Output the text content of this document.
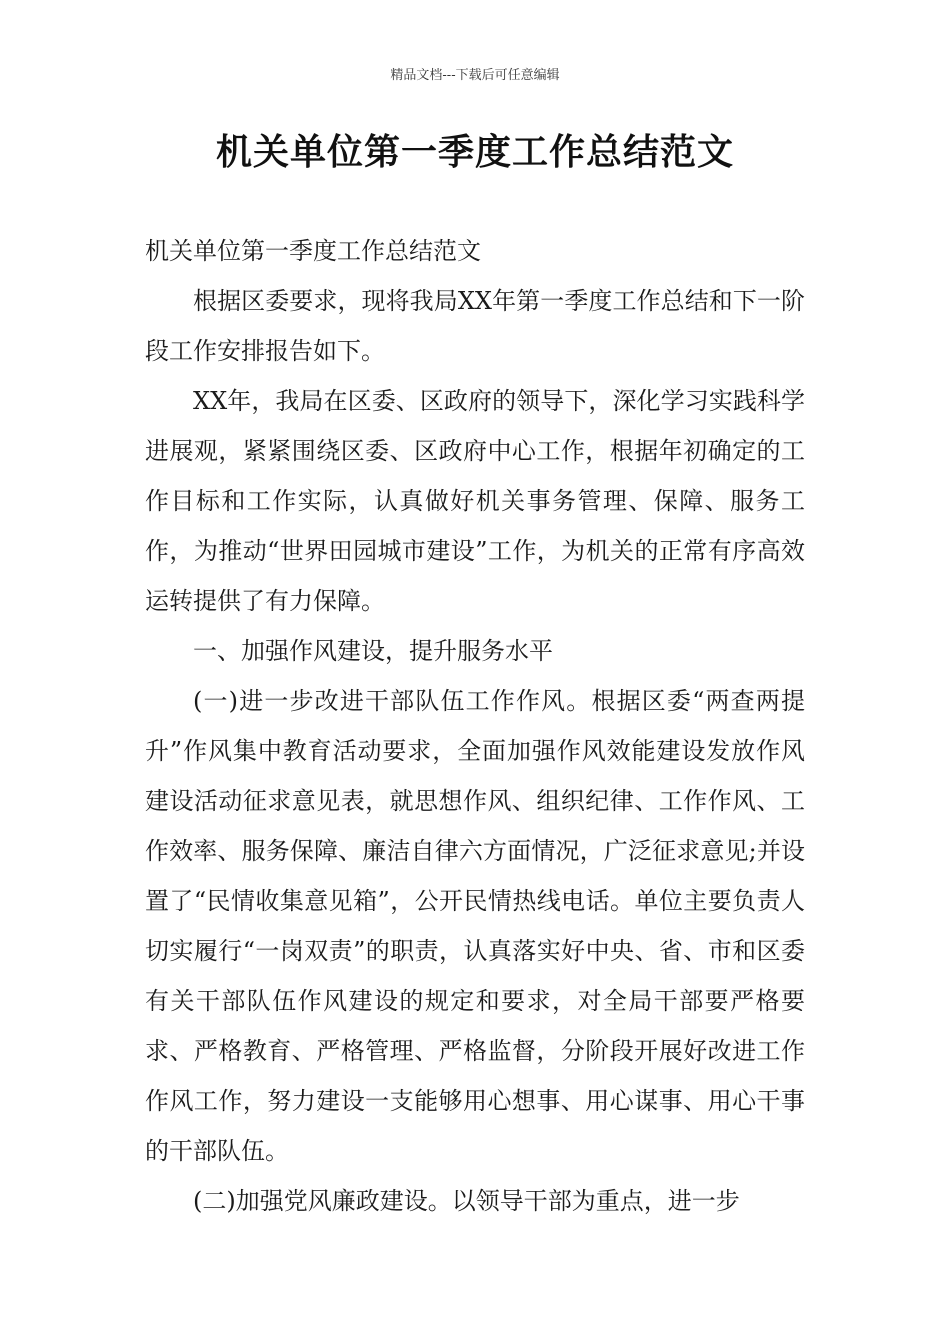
精品文档---下载后可任意编辑
机关单位第一季度工作总结范文

机关单位第一季度工作总结范文

根据区委要求，现将我局XX年第一季度工作总结和下一阶段工作安排报告如下。

XX年，我局在区委、区政府的领导下，深化学习实践科学进展观，紧紧围绕区委、区政府中心工作，根据年初确定的工作目标和工作实际，认真做好机关事务管理、保障、服务工作，为推动“世界田园城市建设”工作，为机关的正常有序高效运转提供了有力保障。

一、加强作风建设，提升服务水平

(一)进一步改进干部队伍工作作风。根据区委“两查两提升”作风集中教育活动要求，全面加强作风效能建设发放作风建设活动征求意见表，就思想作风、组织纪律、工作作风、工作效率、服务保障、廉洁自律六方面情况，广泛征求意见;并设置了“民情收集意见箱”，公开民情热线电话。单位主要负责人切实履行“一岗双责”的职责，认真落实好中央、省、市和区委有关干部队伍作风建设的规定和要求，对全局干部要严格要求、严格教育、严格管理、严格监督，分阶段开展好改进工作作风工作，努力建设一支能够用心想事、用心谋事、用心干事的干部队伍。

(二)加强党风廉政建设。以领导干部为重点，进一步
